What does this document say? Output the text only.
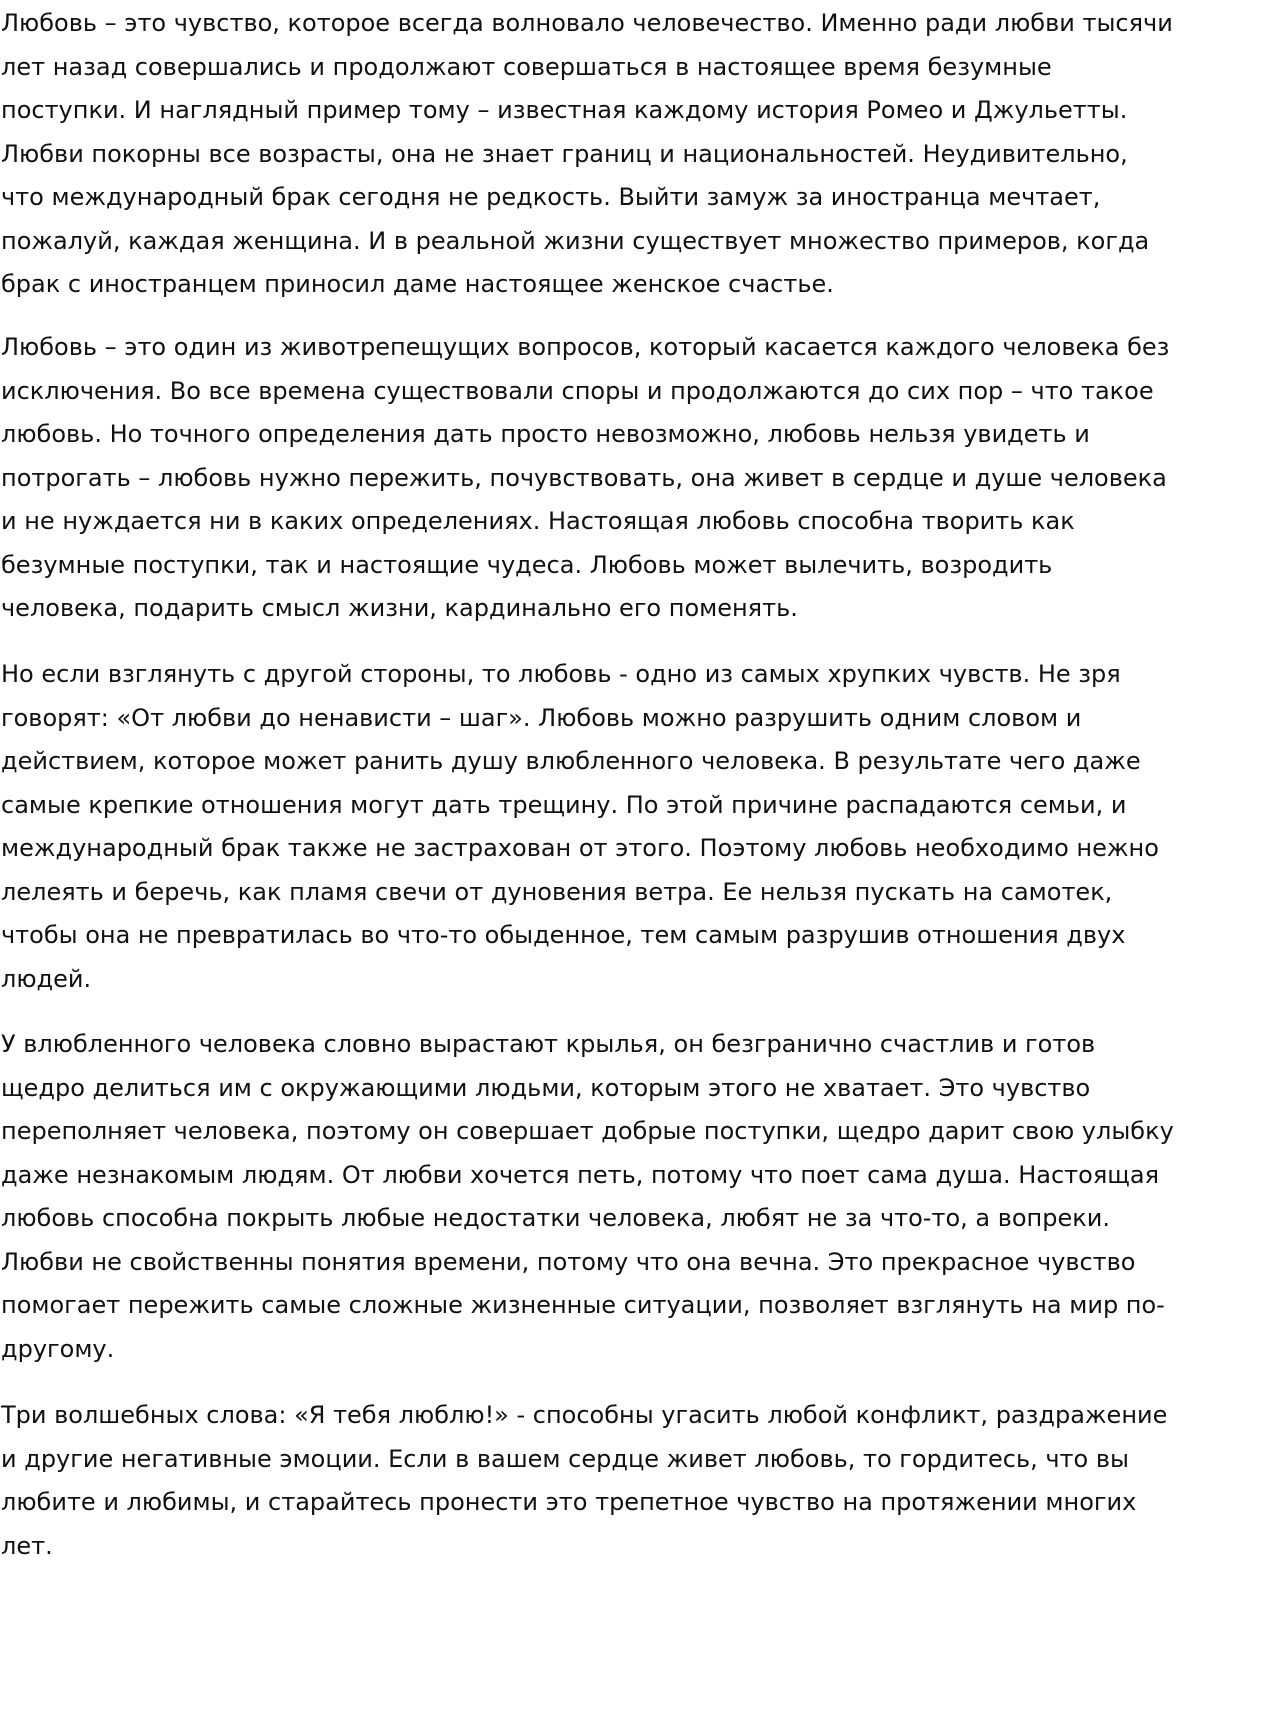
Любовь – это чувство, которое всегда волновало человечество. Именно ради любви тысячи
лет назад совершались и продолжают совершаться в настоящее время безумные
поступки. И наглядный пример тому – известная каждому история Ромео и Джульетты.
Любви покорны все возрасты, она не знает границ и национальностей. Неудивительно,
что международный брак сегодня не редкость. Выйти замуж за иностранца мечтает,
пожалуй, каждая женщина. И в реальной жизни существует множество примеров, когда
брак с иностранцем приносил даме настоящее женское счастье.

Любовь – это один из животрепещущих вопросов, который касается каждого человека без
исключения. Во все времена существовали споры и продолжаются до сих пор – что такое
любовь. Но точного определения дать просто невозможно, любовь нельзя увидеть и
потрогать – любовь нужно пережить, почувствовать, она живет в сердце и душе человека
и не нуждается ни в каких определениях. Настоящая любовь способна творить как
безумные поступки, так и настоящие чудеса. Любовь может вылечить, возродить
человека, подарить смысл жизни, кардинально его поменять.

Но если взглянуть с другой стороны, то любовь - одно из самых хрупких чувств. Не зря
говорят: «От любви до ненависти – шаг». Любовь можно разрушить одним словом и
действием, которое может ранить душу влюбленного человека. В результате чего даже
самые крепкие отношения могут дать трещину. По этой причине распадаются семьи, и
международный брак также не застрахован от этого. Поэтому любовь необходимо нежно
лелеять и беречь, как пламя свечи от дуновения ветра. Ее нельзя пускать на самотек,
чтобы она не превратилась во что-то обыденное, тем самым разрушив отношения двух
людей.

У влюбленного человека словно вырастают крылья, он безгранично счастлив и готов
щедро делиться им с окружающими людьми, которым этого не хватает. Это чувство
переполняет человека, поэтому он совершает добрые поступки, щедро дарит свою улыбку
даже незнакомым людям. От любви хочется петь, потому что поет сама душа. Настоящая
любовь способна покрыть любые недостатки человека, любят не за что-то, а вопреки.
Любви не свойственны понятия времени, потому что она вечна. Это прекрасное чувство
помогает пережить самые сложные жизненные ситуации, позволяет взглянуть на мир по-
другому.

Три волшебных слова: «Я тебя люблю!» - способны угасить любой конфликт, раздражение
и другие негативные эмоции. Если в вашем сердце живет любовь, то гордитесь, что вы
любите и любимы, и старайтесь пронести это трепетное чувство на протяжении многих
лет.
